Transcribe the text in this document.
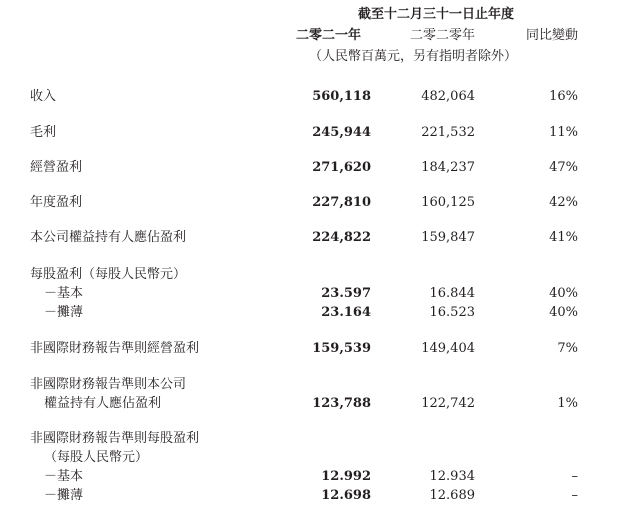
截至十二月三十一日止年度
二零二一年	二零二零年	同比變動
（人民幣百萬元，另有指明者除外）
收入	560,118	482,064	16%
毛利	245,944	221,532	11%
經營盈利	271,620	184,237	47%
年度盈利	227,810	160,125	42%
本公司權益持有人應佔盈利	224,822	159,847	41%
每股盈利（每股人民幣元）
－基本	23.597	16.844	40%
－攤薄	23.164	16.523	40%
非國際財務報告準則經營盈利	159,539	149,404	7%
非國際財務報告準則本公司
權益持有人應佔盈利	123,788	122,742	1%
非國際財務報告準則每股盈利
（每股人民幣元）
－基本	12.992	12.934	–
－攤薄	12.698	12.689	–
